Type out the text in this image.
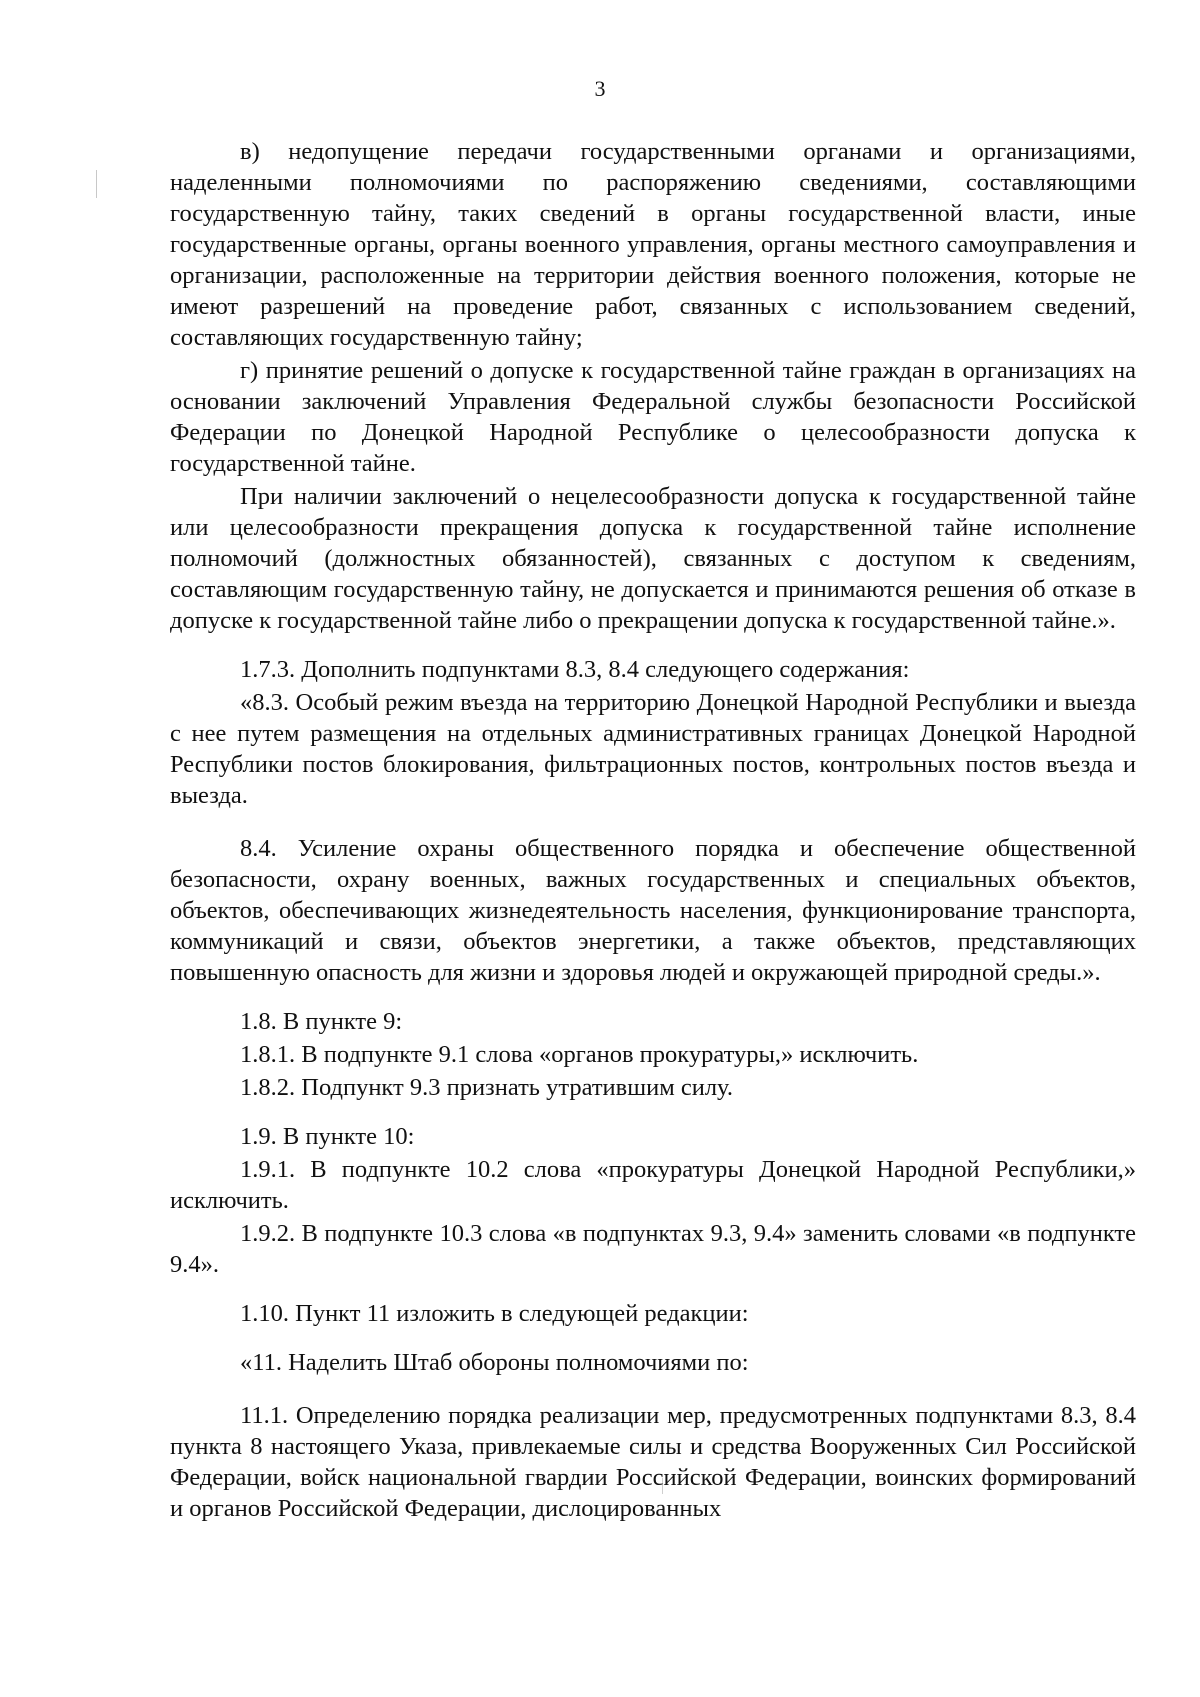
3

в) недопущение передачи государственными органами и организациями, наделенными полномочиями по распоряжению сведениями, составляющими государственную тайну, таких сведений в органы государственной власти, иные государственные органы, органы военного управления, органы местного самоуправления и организации, расположенные на территории действия военного положения, которые не имеют разрешений на проведение работ, связанных с использованием сведений, составляющих государственную тайну;

г) принятие решений о допуске к государственной тайне граждан в организациях на основании заключений Управления Федеральной службы безопасности Российской Федерации по Донецкой Народной Республике о целесообразности допуска к государственной тайне.

При наличии заключений о нецелесообразности допуска к государственной тайне или целесообразности прекращения допуска к государственной тайне исполнение полномочий (должностных обязанностей), связанных с доступом к сведениям, составляющим государственную тайну, не допускается и принимаются решения об отказе в допуске к государственной тайне либо о прекращении допуска к государственной тайне.».

1.7.3. Дополнить подпунктами 8.3, 8.4 следующего содержания:

«8.3. Особый режим въезда на территорию Донецкой Народной Республики и выезда с нее путем размещения на отдельных административных границах Донецкой Народной Республики постов блокирования, фильтрационных постов, контрольных постов въезда и выезда.

8.4. Усиление охраны общественного порядка и обеспечение общественной безопасности, охрану военных, важных государственных и специальных объектов, объектов, обеспечивающих жизнедеятельность населения, функционирование транспорта, коммуникаций и связи, объектов энергетики, а также объектов, представляющих повышенную опасность для жизни и здоровья людей и окружающей природной среды.».

1.8. В пункте 9:

1.8.1. В подпункте 9.1 слова «органов прокуратуры,» исключить.

1.8.2. Подпункт 9.3 признать утратившим силу.

1.9. В пункте 10:

1.9.1. В подпункте 10.2 слова «прокуратуры Донецкой Народной Республики,» исключить.

1.9.2. В подпункте 10.3 слова «в подпунктах 9.3, 9.4» заменить словами «в подпункте 9.4».

1.10. Пункт 11 изложить в следующей редакции:

«11. Наделить Штаб обороны полномочиями по:

11.1. Определению порядка реализации мер, предусмотренных подпунктами 8.3, 8.4 пункта 8 настоящего Указа, привлекаемые силы и средства Вооруженных Сил Российской Федерации, войск национальной гвардии Российской Федерации, воинских формирований и органов Российской Федерации, дислоцированных
